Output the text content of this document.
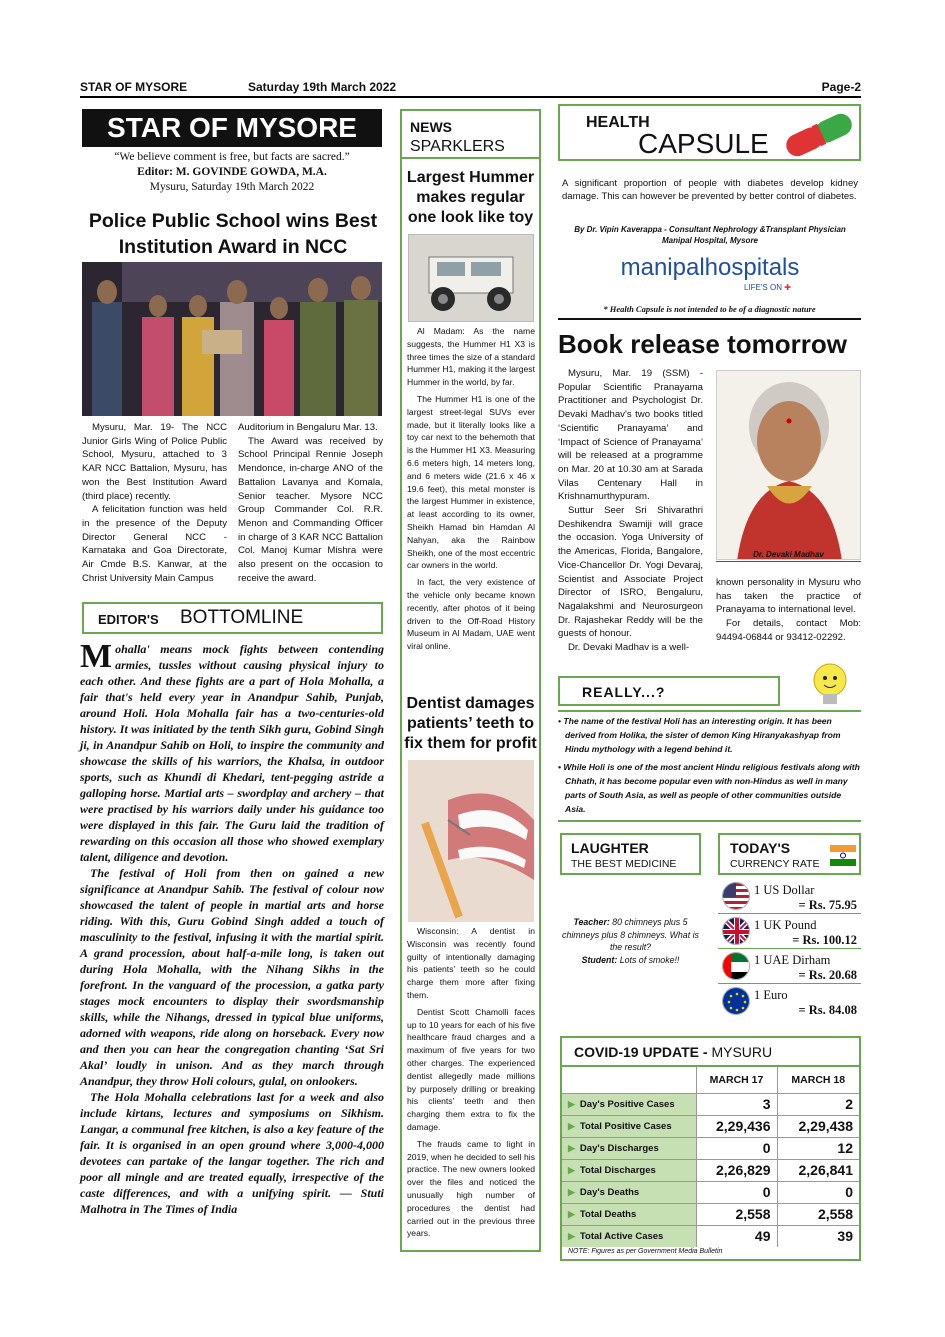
STAR OF MYSORE	Saturday 19th March 2022	Page-2
STAR OF MYSORE
“We believe comment is free, but facts are sacred.”
Editor: M. GOVINDE GOWDA, M.A.
Mysuru, Saturday 19th March 2022
Police Public School wins Best Institution Award in NCC

Mysuru, Mar. 19- The NCC Junior Girls Wing of Police Public School, Mysuru, attached to 3 KAR NCC Battalion, Mysuru, has won the Best Institution Award (third place) recently.

A felicitation function was held in the presence of the Deputy Director General NCC - Karnataka and Goa Directorate, Air Cmde B.S. Kanwar, at the Christ University Main Campus

Auditorium in Bengaluru Mar. 13.

The Award was received by School Principal Rennie Joseph Mendonce, in-charge ANO of the Battalion Lavanya and Komala, Senior teacher. Mysore NCC Group Commander Col. R.R. Menon and Commanding Officer in charge of 3 KAR NCC Battalion Col. Manoj Kumar Mishra were also present on the occasion to receive the award.

EDITOR'S BOTTOMLINE

Mohalla' means mock fights between contending armies, tussles without causing physical injury to each other. And these fights are a part of Hola Mohalla, a fair that's held every year in Anandpur Sahib, Punjab, around Holi. Hola Mohalla fair has a two-centuries-old history. It was initiated by the tenth Sikh guru, Gobind Singh ji, in Anandpur Sahib on Holi, to inspire the community and showcase the skills of his warriors, the Khalsa, in outdoor sports, such as Khundi di Khedari, tent-pegging astride a galloping horse. Martial arts – swordplay and archery – that were practised by his warriors daily under his guidance too were displayed in this fair. The Guru laid the tradition of rewarding on this occasion all those who showed exemplary talent, diligence and devotion.

The festival of Holi from then on gained a new significance at Anandpur Sahib. The festival of colour now showcased the talent of people in martial arts and horse riding. With this, Guru Gobind Singh added a touch of masculinity to the festival, infusing it with the martial spirit. A grand procession, about half-a-mile long, is taken out during Hola Mohalla, with the Nihang Sikhs in the forefront. In the vanguard of the procession, a gatka party stages mock encounters to display their swordsmanship skills, while the Nihangs, dressed in typical blue uniforms, adorned with weapons, ride along on horseback. Every now and then you can hear the congregation chanting ‘Sat Sri Akal’ loudly in unison. And as they march through Anandpur, they throw Holi colours, gulal, on onlookers.

The Hola Mohalla celebrations last for a week and also include kirtans, lectures and symposiums on Sikhism. Langar, a communal free kitchen, is also a key feature of the fair. It is organised in an open ground where 3,000-4,000 devotees can partake of the langar together. The rich and poor all mingle and are treated equally, irrespective of the caste differences, and with a unifying spirit. — Stuti Malhotra in The Times of India

NEWS
SPARKLERS
Largest Hummer makes regular one look like toy

Al Madam: As the name suggests, the Hummer H1 X3 is three times the size of a standard Hummer H1, making it the largest Hummer in the world, by far.

The Hummer H1 is one of the largest street-legal SUVs ever made, but it literally looks like a toy car next to the behemoth that is the Hummer H1 X3. Measuring 6.6 meters high, 14 meters long, and 6 meters wide (21.6 x 46 x 19.6 feet), this metal monster is the largest Hummer in existence, at least according to its owner, Sheikh Hamad bin Hamdan Al Nahyan, aka the Rainbow Sheikh, one of the most eccentric car owners in the world.

In fact, the very existence of the vehicle only became known recently, after photos of it being driven to the Off-Road History Museum in Al Madam, UAE went viral online.

Dentist damages patients’ teeth to fix them for profit

Wisconsin: A dentist in Wisconsin was recently found guilty of intentionally damaging his patients’ teeth so he could charge them more after fixing them.

Dentist Scott Chamolli faces up to 10 years for each of his five healthcare fraud charges and a maximum of five years for two other charges. The experienced dentist allegedly made millions by purposely drilling or breaking his clients’ teeth and then charging them extra to fix the damage.

The frauds came to light in 2019, when he decided to sell his practice. The new owners looked over the files and noticed the unusually high number of procedures the dentist had carried out in the previous three years.

HEALTH
CAPSULE
A significant proportion of people with diabetes develop kidney damage. This can however be prevented by better control of diabetes.
By Dr. Vipin Kaverappa - Consultant Nephrology &Transplant Physician
Manipal Hospital, Mysore
manipalhospitals
LIFE'S ON ✚
* Health Capsule is not intended to be of a diagnostic nature
Book release tomorrow

Mysuru, Mar. 19 (SSM) - Popular Scientific Pranayama Practitioner and Psychologist Dr. Devaki Madhav's two books titled ‘Scientific Pranayama’ and ‘Impact of Science of Pranayama’ will be released at a programme on Mar. 20 at 10.30 am at Sarada Vilas Centenary Hall in Krishnamurthypuram.

Suttur Seer Sri Shivarathri Deshikendra Swamiji will grace the occasion. Yoga University of the Americas, Florida, Bangalore, Vice-Chancellor Dr. Yogi Devaraj, Scientist and Associate Project Director of ISRO, Bengaluru, Nagalakshmi and Neurosurgeon Dr. Rajashekar Reddy will be the guests of honour.

Dr. Devaki Madhav is a well-

Dr. Devaki Madhav

known personality in Mysuru who has taken the practice of Pranayama to international level.

For details, contact Mob: 94494-06844 or 93412-02292.

REALLY...?
• The name of the festival Holi has an interesting origin. It has been derived from Holika, the sister of demon King Hiranyakashyap from Hindu mythology with a legend behind it.
• While Holi is one of the most ancient Hindu religious festivals along with Chhath, it has become popular even with non-Hindus as well in many parts of South Asia, as well as people of other communities outside Asia.
LAUGHTER
THE BEST MEDICINE
Teacher: 80 chimneys plus 5 chimneys plus 8 chimneys. What is the result?
Student: Lots of smoke!!
TODAY'S
CURRENCY RATE
1 US Dollar
= Rs. 75.95
1 UK Pound
= Rs. 100.12
1 UAE Dirham
= Rs. 20.68
1 Euro
= Rs. 84.08
COVID-19 UPDATE - MYSURU
	MARCH 17	MARCH 18
▶ Day's Positive Cases	3	2
▶ Total Positive Cases	2,29,436	2,29,438
▶ Day's Discharges	0	12
▶ Total Discharges	2,26,829	2,26,841
▶ Day's Deaths	0	0
▶ Total Deaths	2,558	2,558
▶ Total Active Cases	49	39
NOTE: Figures as per Government Media Bulletin
